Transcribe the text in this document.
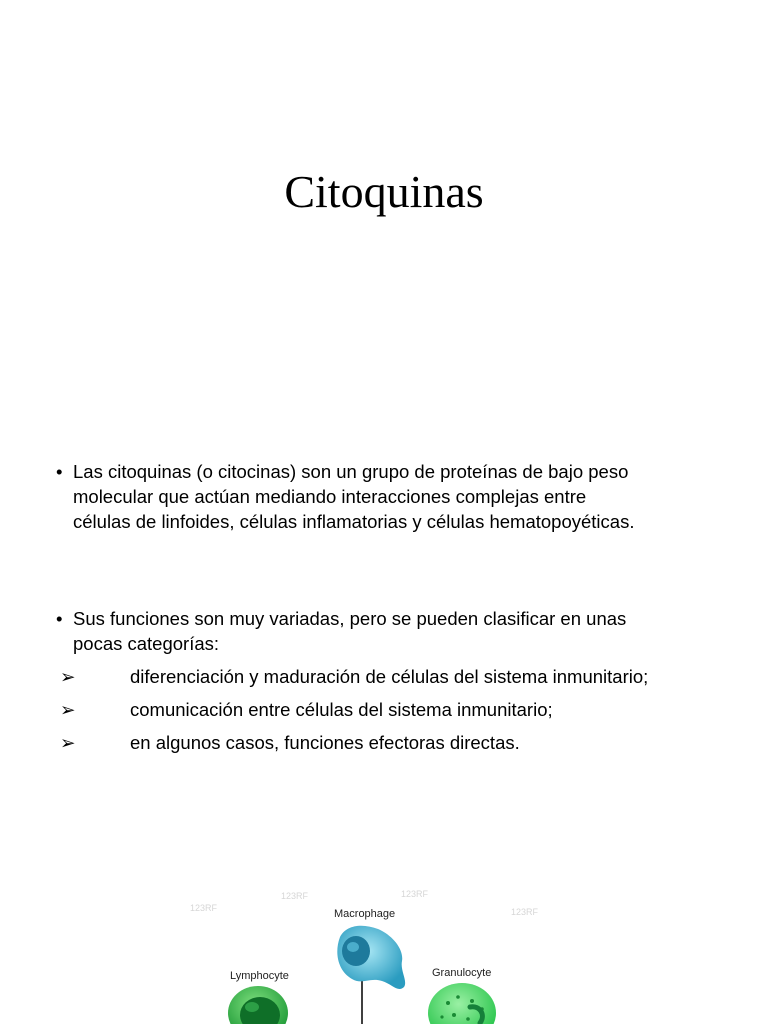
Citoquinas
• Las citoquinas (o citocinas) son un grupo de proteínas de bajo peso
molecular que actúan mediando interacciones complejas entre
células de linfoides, células inflamatorias y células hematopoyéticas.
• Sus funciones son muy variadas, pero se pueden clasificar en unas
pocas categorías:
➢	diferenciación y maduración de células del sistema inmunitario;
➢	comunicación entre células del sistema inmunitario;
➢	en algunos casos, funciones efectoras directas.
123RF
123RF	123RF
123RF
Macrophage
Lymphocyte	Granulocyte
